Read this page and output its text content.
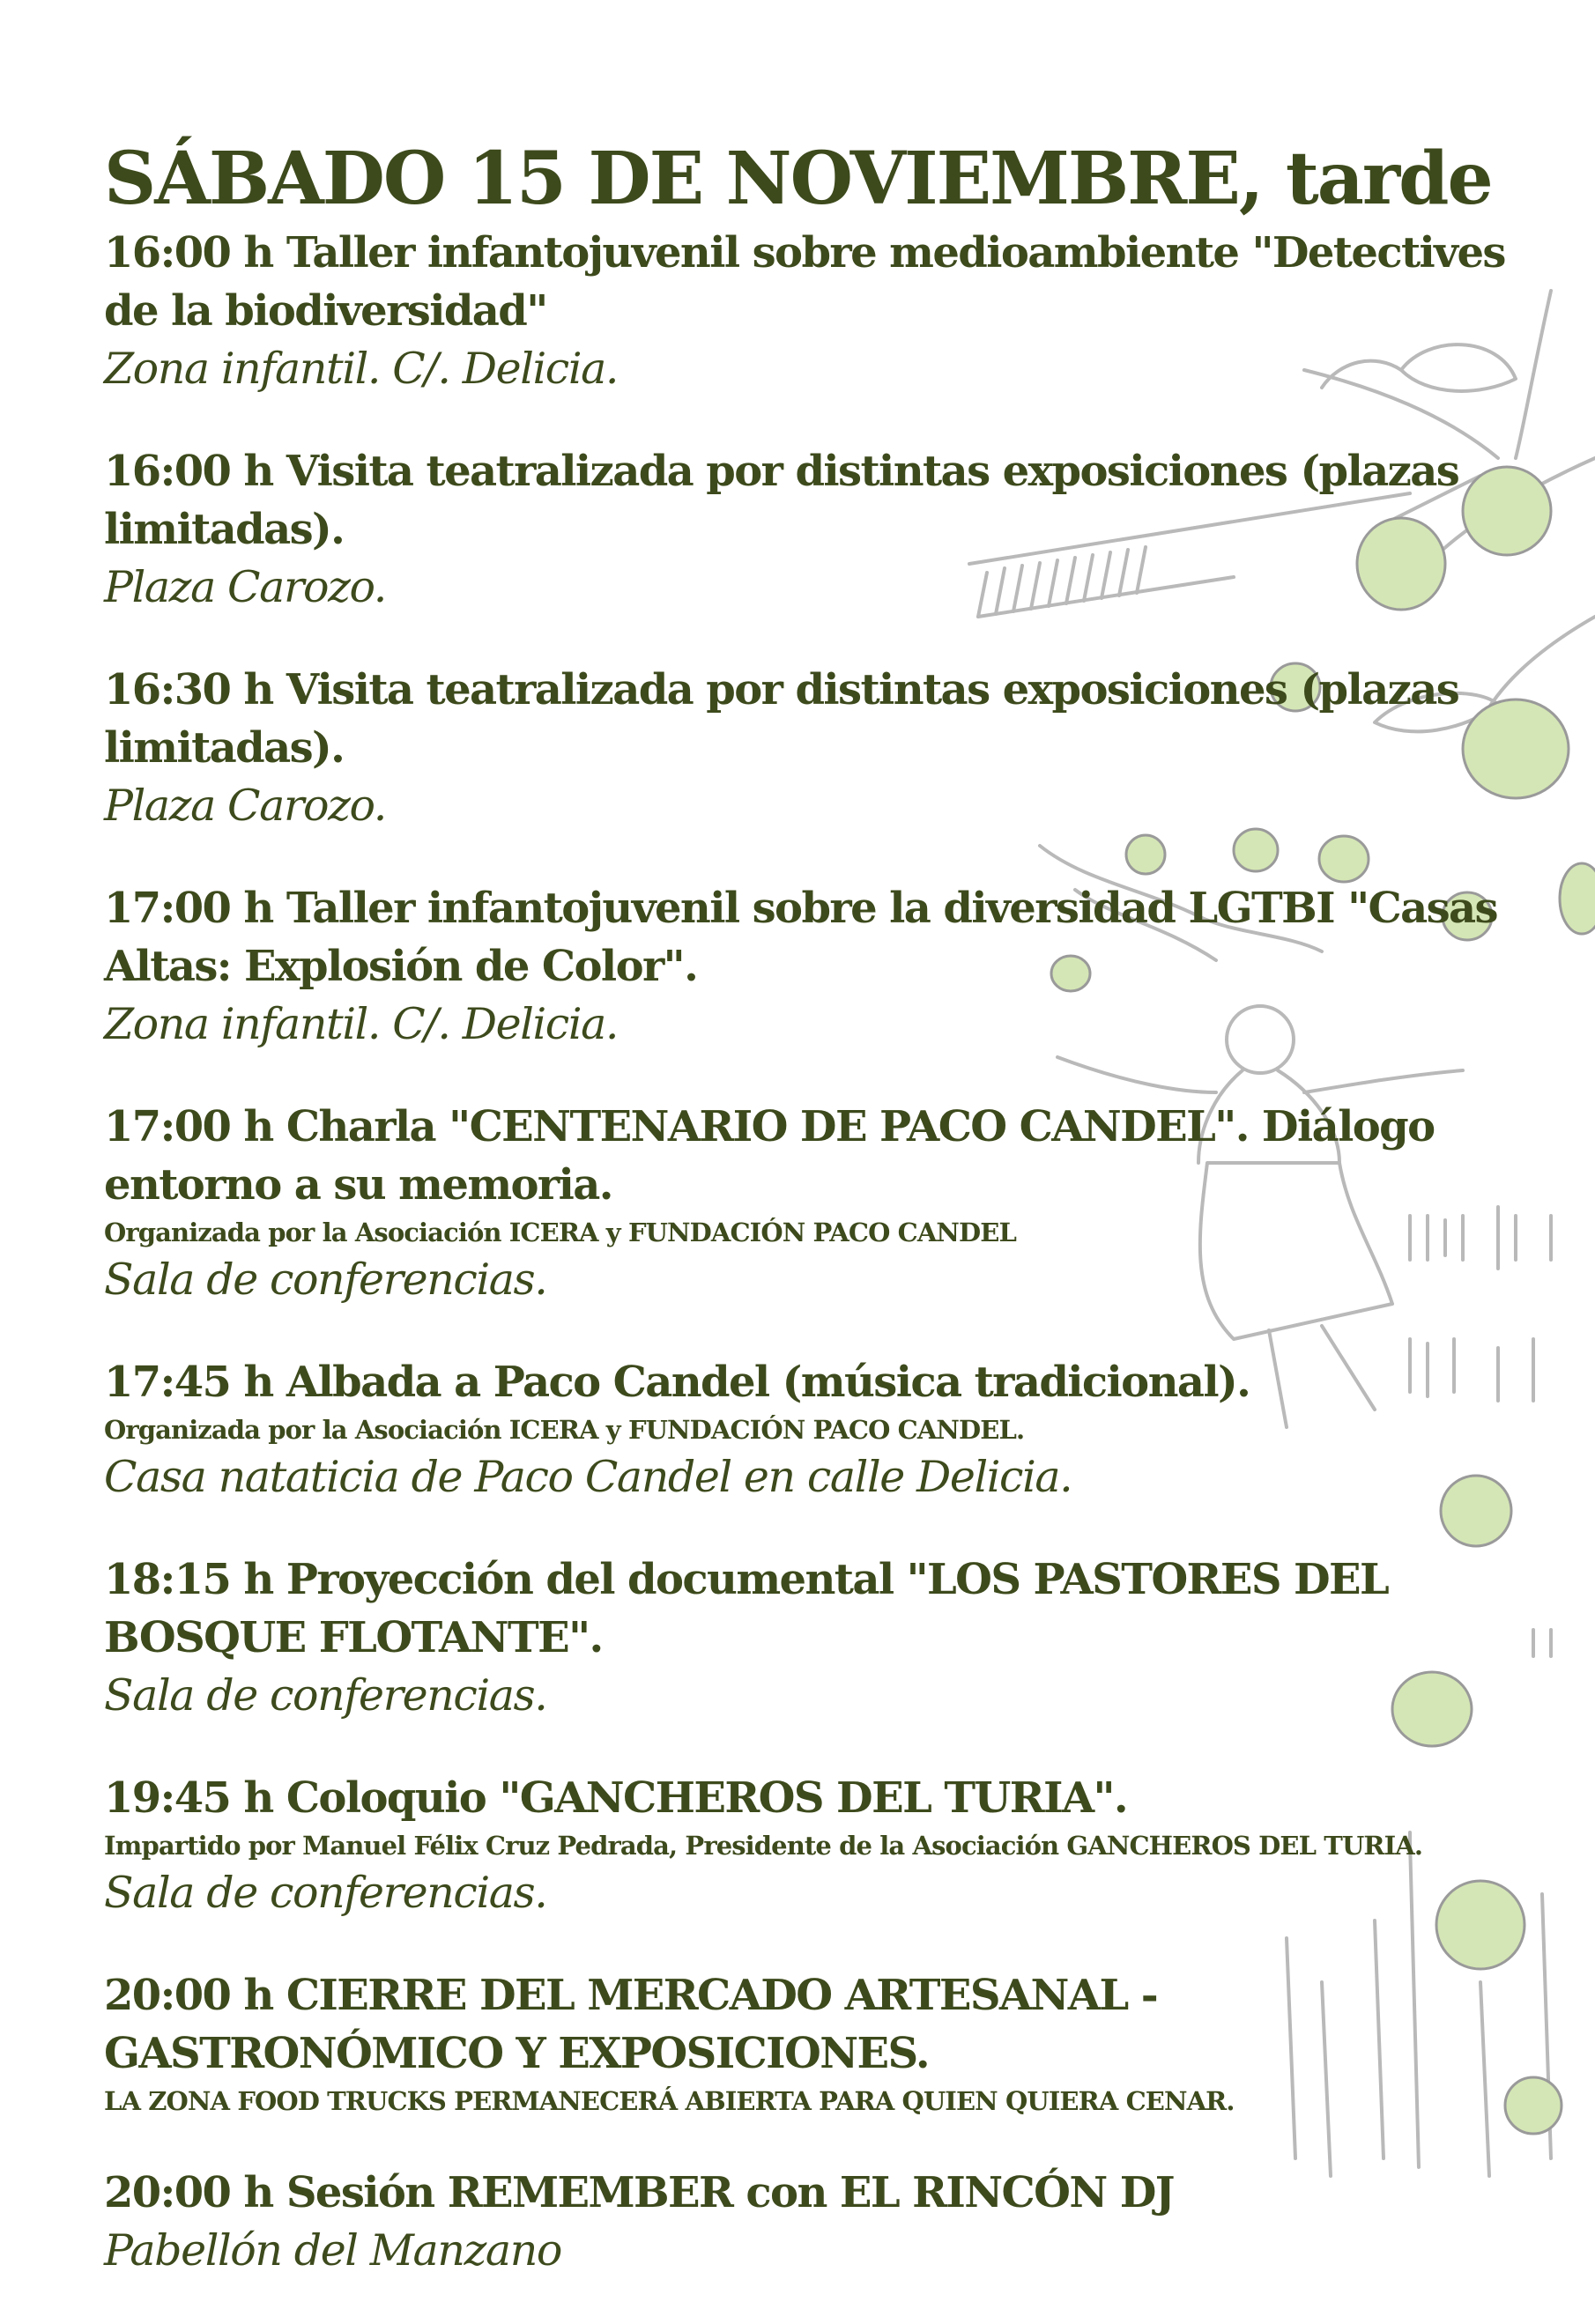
SÁBADO 15 DE NOVIEMBRE, tarde
16:00 h Taller infantojuvenil sobre medioambiente "Detectives de la biodiversidad"
Zona infantil. C/. Delicia.
16:00 h Visita teatralizada por distintas exposiciones (plazas limitadas).
Plaza Carozo.
16:30 h Visita teatralizada por distintas exposiciones (plazas limitadas).
Plaza Carozo.
17:00 h Taller infantojuvenil sobre la diversidad LGTBI "Casas Altas: Explosión de Color".
Zona infantil. C/. Delicia.
17:00 h Charla "CENTENARIO DE PACO CANDEL". Diálogo entorno a su memoria.
Organizada por la Asociación ICERA y FUNDACIÓN PACO CANDEL
Sala de conferencias.
17:45 h Albada a Paco Candel (música tradicional).
Organizada por la Asociación ICERA y FUNDACIÓN PACO CANDEL.
Casa nataticia de Paco Candel en calle Delicia.
18:15 h Proyección del documental "LOS PASTORES DEL BOSQUE FLOTANTE".
Sala de conferencias.
19:45 h Coloquio "GANCHEROS DEL TURIA".
Impartido por Manuel Félix Cruz Pedrada, Presidente de la Asociación GANCHEROS DEL TURIA.
Sala de conferencias.
20:00 h CIERRE DEL MERCADO ARTESANAL - GASTRONÓMICO Y EXPOSICIONES.
LA ZONA FOOD TRUCKS PERMANECERÁ ABIERTA PARA QUIEN QUIERA CENAR.
20:00 h Sesión REMEMBER con EL RINCÓN DJ
Pabellón del Manzano
